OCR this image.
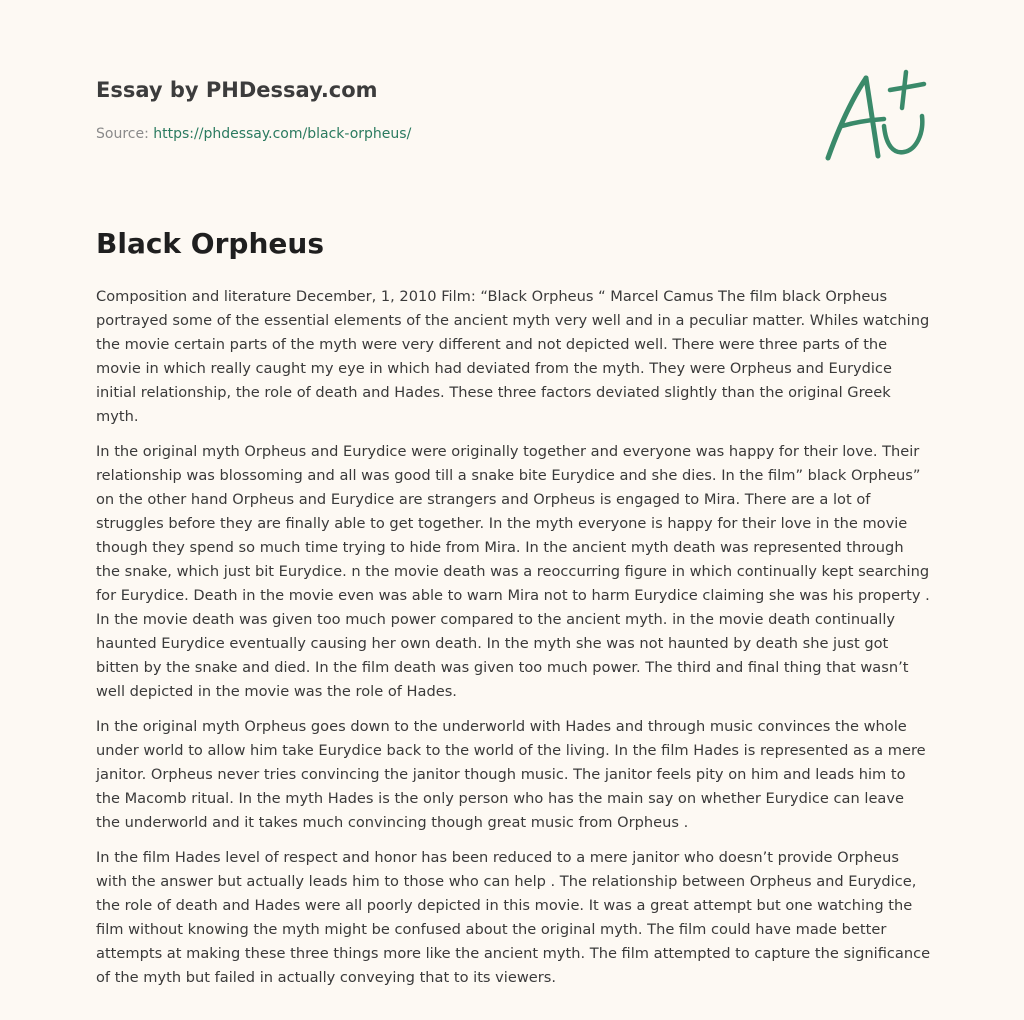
Essay by PHDessay.com
Source: https://phdessay.com/black-orpheus/
Black Orpheus

Composition and literature December, 1, 2010 Film: “Black Orpheus “ Marcel Camus The film black Orpheus portrayed some of the essential elements of the ancient myth very well and in a peculiar matter. Whiles watching the movie certain parts of the myth were very different and not depicted well. There were three parts of the movie in which really caught my eye in which had deviated from the myth. They were Orpheus and Eurydice initial relationship, the role of death and Hades. These three factors deviated slightly than the original Greek myth.

In the original myth Orpheus and Eurydice were originally together and everyone was happy for their love. Their relationship was blossoming and all was good till a snake bite Eurydice and she dies. In the film” black Orpheus” on the other hand Orpheus and Eurydice are strangers and Orpheus is engaged to Mira. There are a lot of struggles before they are finally able to get together. In the myth everyone is happy for their love in the movie though they spend so much time trying to hide from Mira. In the ancient myth death was represented through the snake, which just bit Eurydice. n the movie death was a reoccurring figure in which continually kept searching for Eurydice. Death in the movie even was able to warn Mira not to harm Eurydice claiming she was his property . In the movie death was given too much power compared to the ancient myth. in the movie death continually haunted Eurydice eventually causing her own death. In the myth she was not haunted by death she just got bitten by the snake and died. In the film death was given too much power. The third and final thing that wasn’t well depicted in the movie was the role of Hades.

In the original myth Orpheus goes down to the underworld with Hades and through music convinces the whole under world to allow him take Eurydice back to the world of the living. In the film Hades is represented as a mere janitor. Orpheus never tries convincing the janitor though music. The janitor feels pity on him and leads him to the Macomb ritual. In the myth Hades is the only person who has the main say on whether Eurydice can leave the underworld and it takes much convincing though great music from Orpheus .

In the film Hades level of respect and honor has been reduced to a mere janitor who doesn’t provide Orpheus with the answer but actually leads him to those who can help . The relationship between Orpheus and Eurydice, the role of death and Hades were all poorly depicted in this movie. It was a great attempt but one watching the film without knowing the myth might be confused about the original myth. The film could have made better attempts at making these three things more like the ancient myth. The film attempted to capture the significance of the myth but failed in actually conveying that to its viewers.
